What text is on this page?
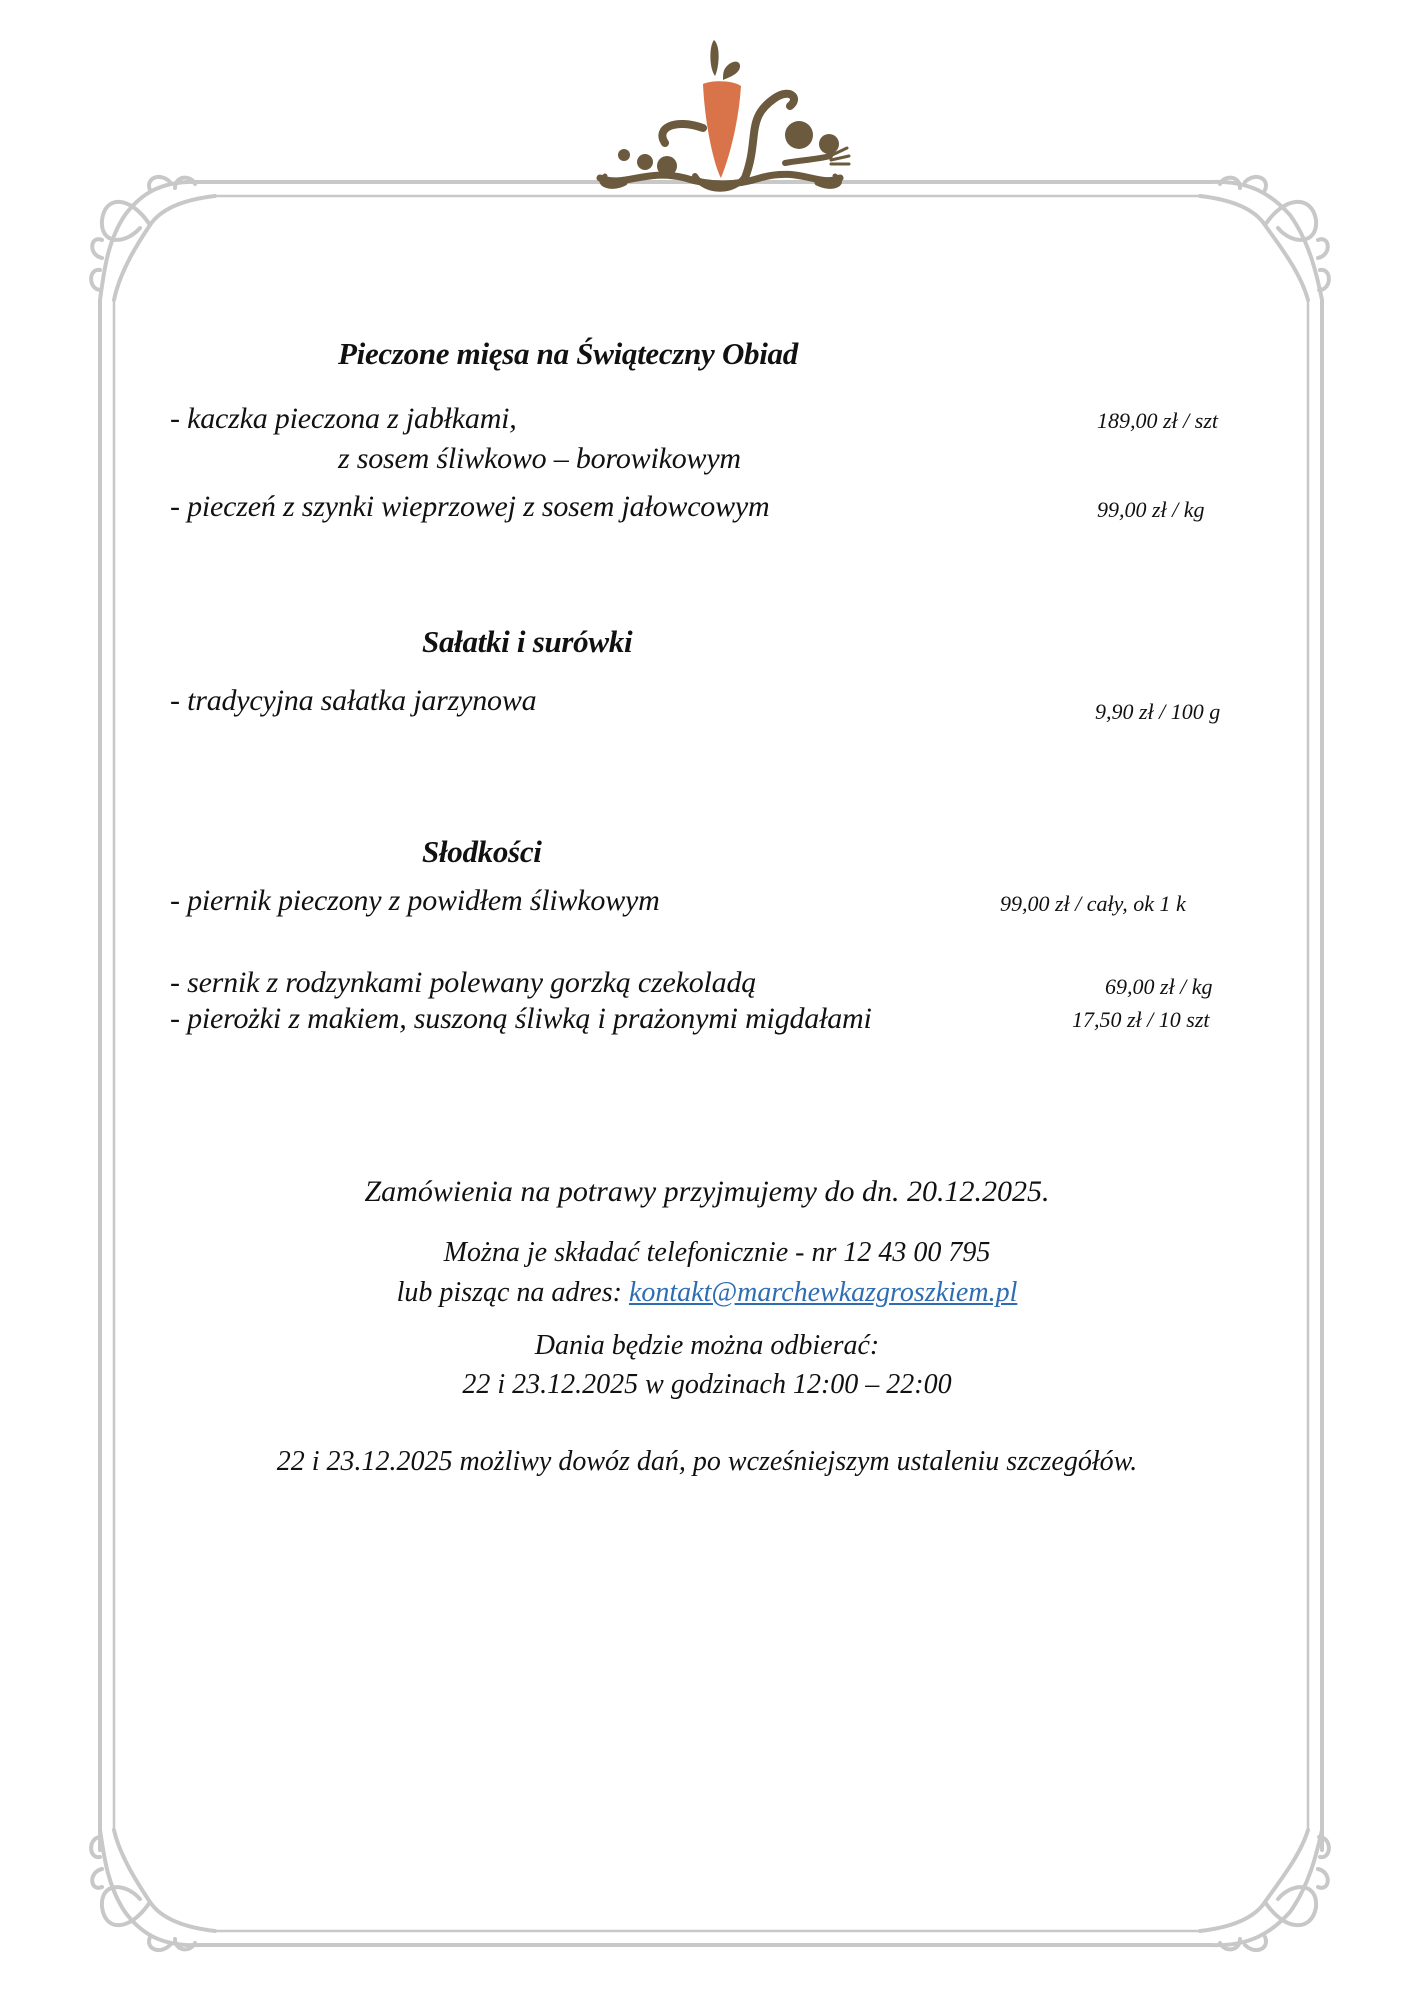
Pieczone mięsa na Świąteczny Obiad
- kaczka pieczona z jabłkami,
z sosem śliwkowo – borowikowym
189,00 zł / szt
- pieczeń z szynki wieprzowej z sosem jałowcowym	99,00 zł / kg
Sałatki i surówki
- tradycyjna sałatka jarzynowa	9,90 zł / 100 g
Słodkości
- piernik pieczony z powidłem śliwkowym	99,00 zł / cały, ok 1 k
- sernik z rodzynkami polewany gorzką czekoladą	69,00 zł / kg
- pierożki z makiem, suszoną śliwką i prażonymi migdałami	17,50 zł / 10 szt
Zamówienia na potrawy przyjmujemy do dn. 20.12.2025.
Można je składać telefonicznie - nr 12 43 00 795
lub pisząc na adres: kontakt@marchewkazgroszkiem.pl
Dania będzie można odbierać:
22 i 23.12.2025 w godzinach 12:00 – 22:00
22 i 23.12.2025 możliwy dowóz dań, po wcześniejszym ustaleniu szczegółów.
